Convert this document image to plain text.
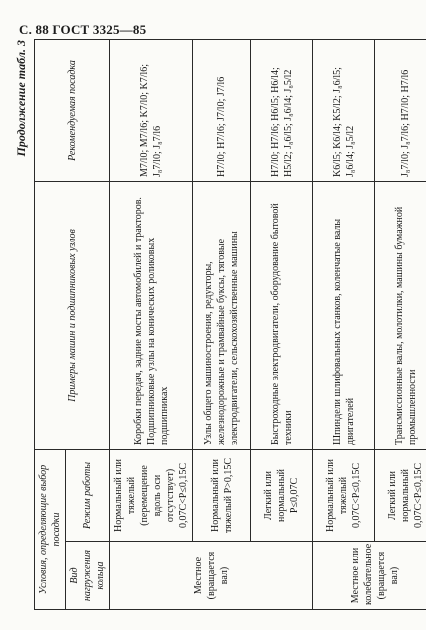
С. 88 ГОСТ 3325—85
Продолжение табл. 3
Условия, определяющие выбор посадки		Примеры машин и подшипниковых узлов	Рекомендуемая посадка
Вид нагружения кольца	Режим работы		
Местное (вращается вал)	Нормальный или тяжелый (перемещение вдоль оси отсутствует) 0,07C<P≤0,15C	Коробки передач, задние мосты автомобилей и тракторов. Подшипниковые узлы на конических роликовых подшипниках	M7/l0; M7/l6; K7/l0; K7/l6; J₈7/l0; J₈7/l6
	Нормальный или тяжелый P>0,15C	Узлы общего машиностроения, редукторы, железнодорожные и трамвайные буксы, тяговые электродвигатели, сельскохозяйственные машины	H7/l0; H7/l6; J7/l0; J7/l6
	Легкий или нормальный P≤0,07C	Быстроходные электродвигатели, оборудование бытовой техники	H7/l0; H7/l6; H6/l5; H6/l4; H5/l2; J₈6/l5; J₈6/l4; J₈5/l2
Местное или колебательное (вращается вал)	Нормальный или тяжелый 0,07C<P≤0,15C	Шпиндели шлифовальных станков, коленчатые валы двигателей	K6/l5; K6/l4; K5/l2; J₈6/l5; J₈6/l4; J₈5/l2
	Легкий или нормальный 0,07C<P≤0,15C	Трансмиссионные валы, молотилки, машины бумажной промышленности	J₈7/l0; J₈7/l6; H7/l0; H7/l6
